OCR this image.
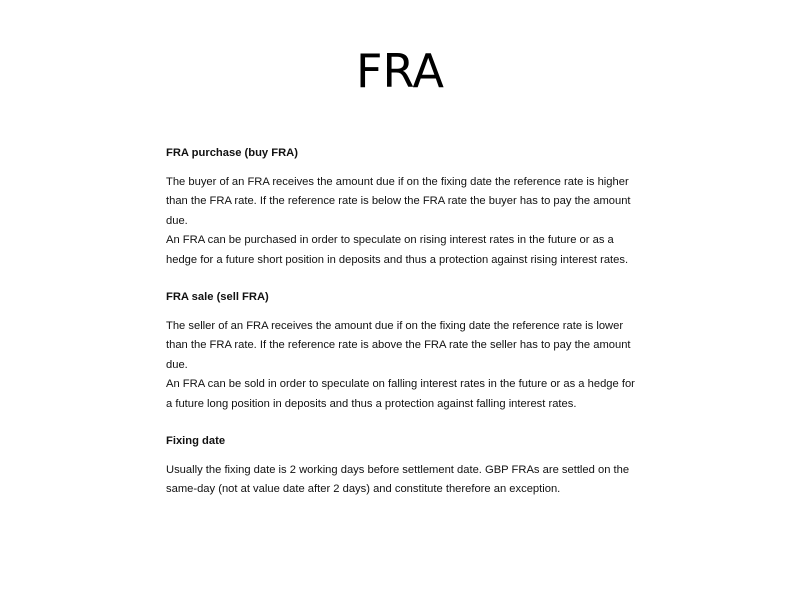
FRA
FRA purchase (buy FRA)

The buyer of an FRA receives the amount due if on the fixing date the reference rate is higher than the FRA rate. If the reference rate is below the FRA rate the buyer has to pay the amount due.

An FRA can be purchased in order to speculate on rising interest rates in the future or as a hedge for a future short position in deposits and thus a protection against rising interest rates.

FRA sale (sell FRA)

The seller of an FRA receives the amount due if on the fixing date the reference rate is lower than the FRA rate. If the reference rate is above the FRA rate the seller has to pay the amount due.

An FRA can be sold in order to speculate on falling interest rates in the future or as a hedge for a future long position in deposits and thus a protection against falling interest rates.

Fixing date

Usually the fixing date is 2 working days before settlement date. GBP FRAs are settled on the same-day (not at value date after 2 days) and constitute therefore an exception.
